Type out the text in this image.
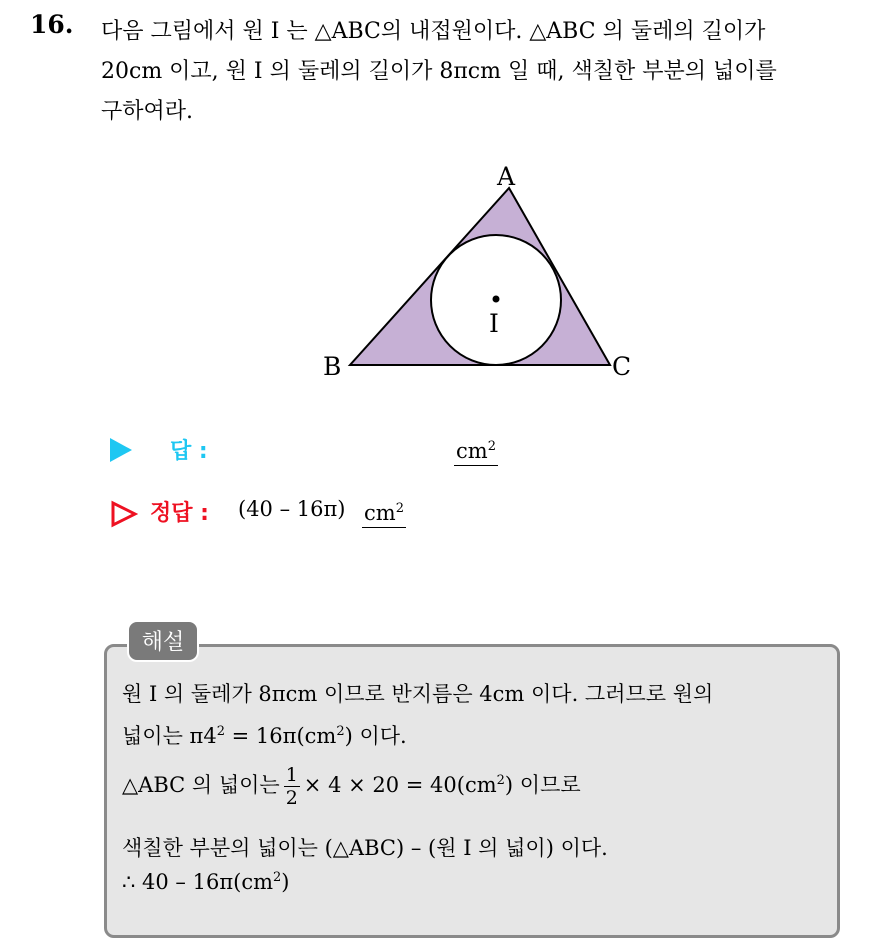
16. 다음 그림에서 원 I 는 △ABC의 내접원이다. △ABC 의 둘레의 길이가
20cm 이고, 원 I 의 둘레의 길이가 8πcm 일 때, 색칠한 부분의 넓이를
구하여라.
A
B	C
I
답 :	$cm^2$
정답 : (40 – 16π) $cm^2$
해설
원 I 의 둘레가 8πcm 이므로 반지름은 4cm 이다. 그러므로 원의
넓이는 $\pi 4^2 = 16\pi(cm^2)$ 이다.
△ABC 의 넓이는 $\frac{1}{2} \times 4 \times 20 = 40(cm^2)$ 이므로
색칠한 부분의 넓이는 (△ABC) – (원 I 의 넓이) 이다.
∴ $40 - 16\pi(cm^2)$
